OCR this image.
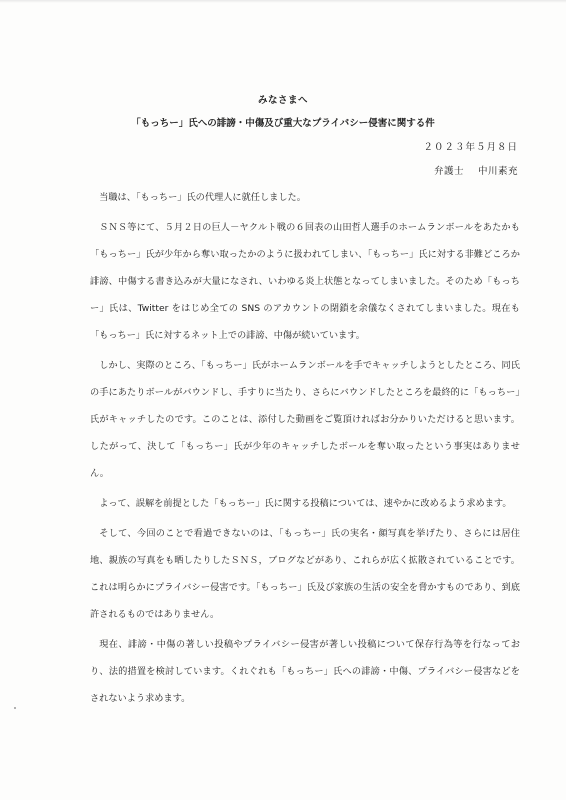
みなさまへ
「もっちー」氏への誹謗・中傷及び重大なプライバシー侵害に関する件
２０２３年５月８日
弁護士 中川素充

当職は、「もっちー」氏の代理人に就任しました。

ＳＮＳ等にて、５月２日の巨人－ヤクルト戦の６回表の山田哲人選手のホームランボールをあたかも「もっちー」氏が少年から奪い取ったかのように扱われてしまい、「もっちー」氏に対する非難どころか誹謗、中傷する書き込みが大量になされ、いわゆる炎上状態となってしまいました。そのため「もっちー」氏は、Twitter をはじめ全ての SNS のアカウントの閉鎖を余儀なくされてしまいました。現在も「もっちー」氏に対するネット上での誹謗、中傷が続いています。

しかし、実際のところ、「もっちー」氏がホームランボールを手でキャッチしようとしたところ、同氏の手にあたりボールがバウンドし、手すりに当たり、さらにバウンドしたところを最終的に「もっちー」氏がキャッチしたのです。このことは、添付した動画をご覧頂ければお分かりいただけると思います。したがって、決して「もっちー」氏が少年のキャッチしたボールを奪い取ったという事実はありません。

よって、誤解を前提とした「もっちー」氏に関する投稿については、速やかに改めるよう求めます。

そして、今回のことで看過できないのは、「もっちー」氏の実名・顔写真を挙げたり、さらには居住地、親族の写真をも晒したりしたＳＮＳ，ブログなどがあり、これらが広く拡散されていることです。これは明らかにプライバシー侵害です。「もっちー」氏及び家族の生活の安全を脅かすものであり、到底許されるものではありません。

現在、誹謗・中傷の著しい投稿やプライバシー侵害が著しい投稿について保存行為等を行なっており、法的措置を検討しています。くれぐれも「もっちー」氏への誹謗・中傷、プライバシー侵害などをされないよう求めます。
